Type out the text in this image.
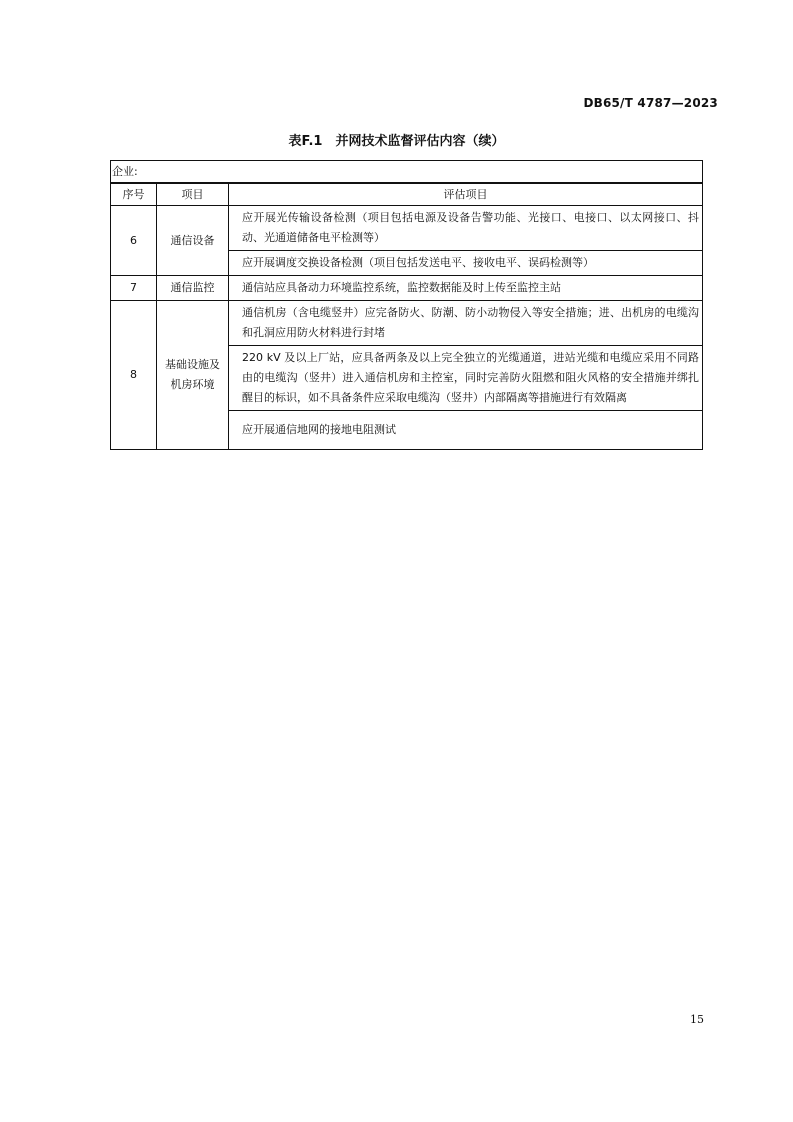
DB65/T 4787—2023
表F.1　并网技术监督评估内容（续）
企业:		
序号	项目	评估项目
6	通信设备	应开展光传输设备检测（项目包括电源及设备告警功能、光接口、电接口、以太网接口、抖动、光通道储备电平检测等）
		应开展调度交换设备检测（项目包括发送电平、接收电平、误码检测等）
7	通信监控	通信站应具备动力环境监控系统，监控数据能及时上传至监控主站
8	基础设施及机房环境	通信机房（含电缆竖井）应完备防火、防潮、防小动物侵入等安全措施；进、出机房的电缆沟和孔洞应用防火材料进行封堵
		220 kV 及以上厂站，应具备两条及以上完全独立的光缆通道，进站光缆和电缆应采用不同路由的电缆沟（竖井）进入通信机房和主控室，同时完善防火阻燃和阻火风格的安全措施并绑扎醒目的标识，如不具备条件应采取电缆沟（竖井）内部隔离等措施进行有效隔离
		应开展通信地网的接地电阻测试
15
